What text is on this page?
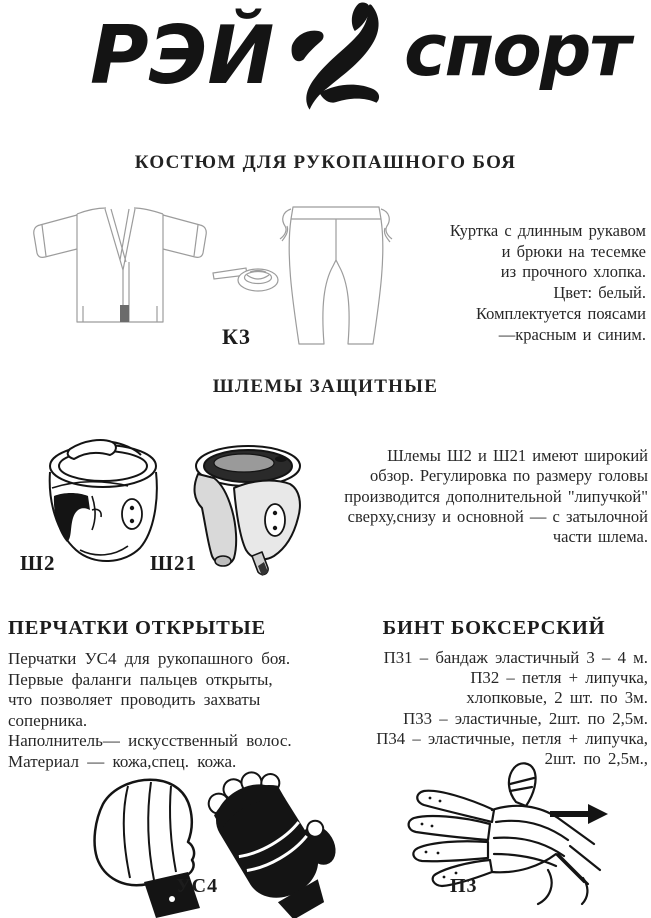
РЭЙ спорт
КОСТЮМ ДЛЯ РУКОПАШНОГО БОЯ
К3
Куртка с длинным рукавом
и брюки на тесемке
из прочного хлопка.
Цвет: белый.
Комплектуется поясами
—красным и синим.
ШЛЕМЫ ЗАЩИТНЫЕ
Ш2	Ш21
Шлемы Ш2 и Ш21 имеют широкий
обзор. Регулировка по размеру головы
производится дополнительной "липучкой"
сверху,снизу и основной — с затылочной
части шлема.
ПЕРЧАТКИ ОТКРЫТЫЕ	БИНТ БОКСЕРСКИЙ
Перчатки УС4 для рукопашного боя.
Первые фаланги пальцев открыты,
что позволяет проводить захваты
соперника.
Наполнитель— искусственный волос.
Материал — кожа,спец. кожа.
П31 – бандаж эластичный 3 – 4 м.
П32 – петля + липучка,
хлопковые, 2 шт. по 3м.
П33 – эластичные, 2шт. по 2,5м.
П34 – эластичные, петля + липучка,
2шт. по 2,5м.,
УС4	П3
